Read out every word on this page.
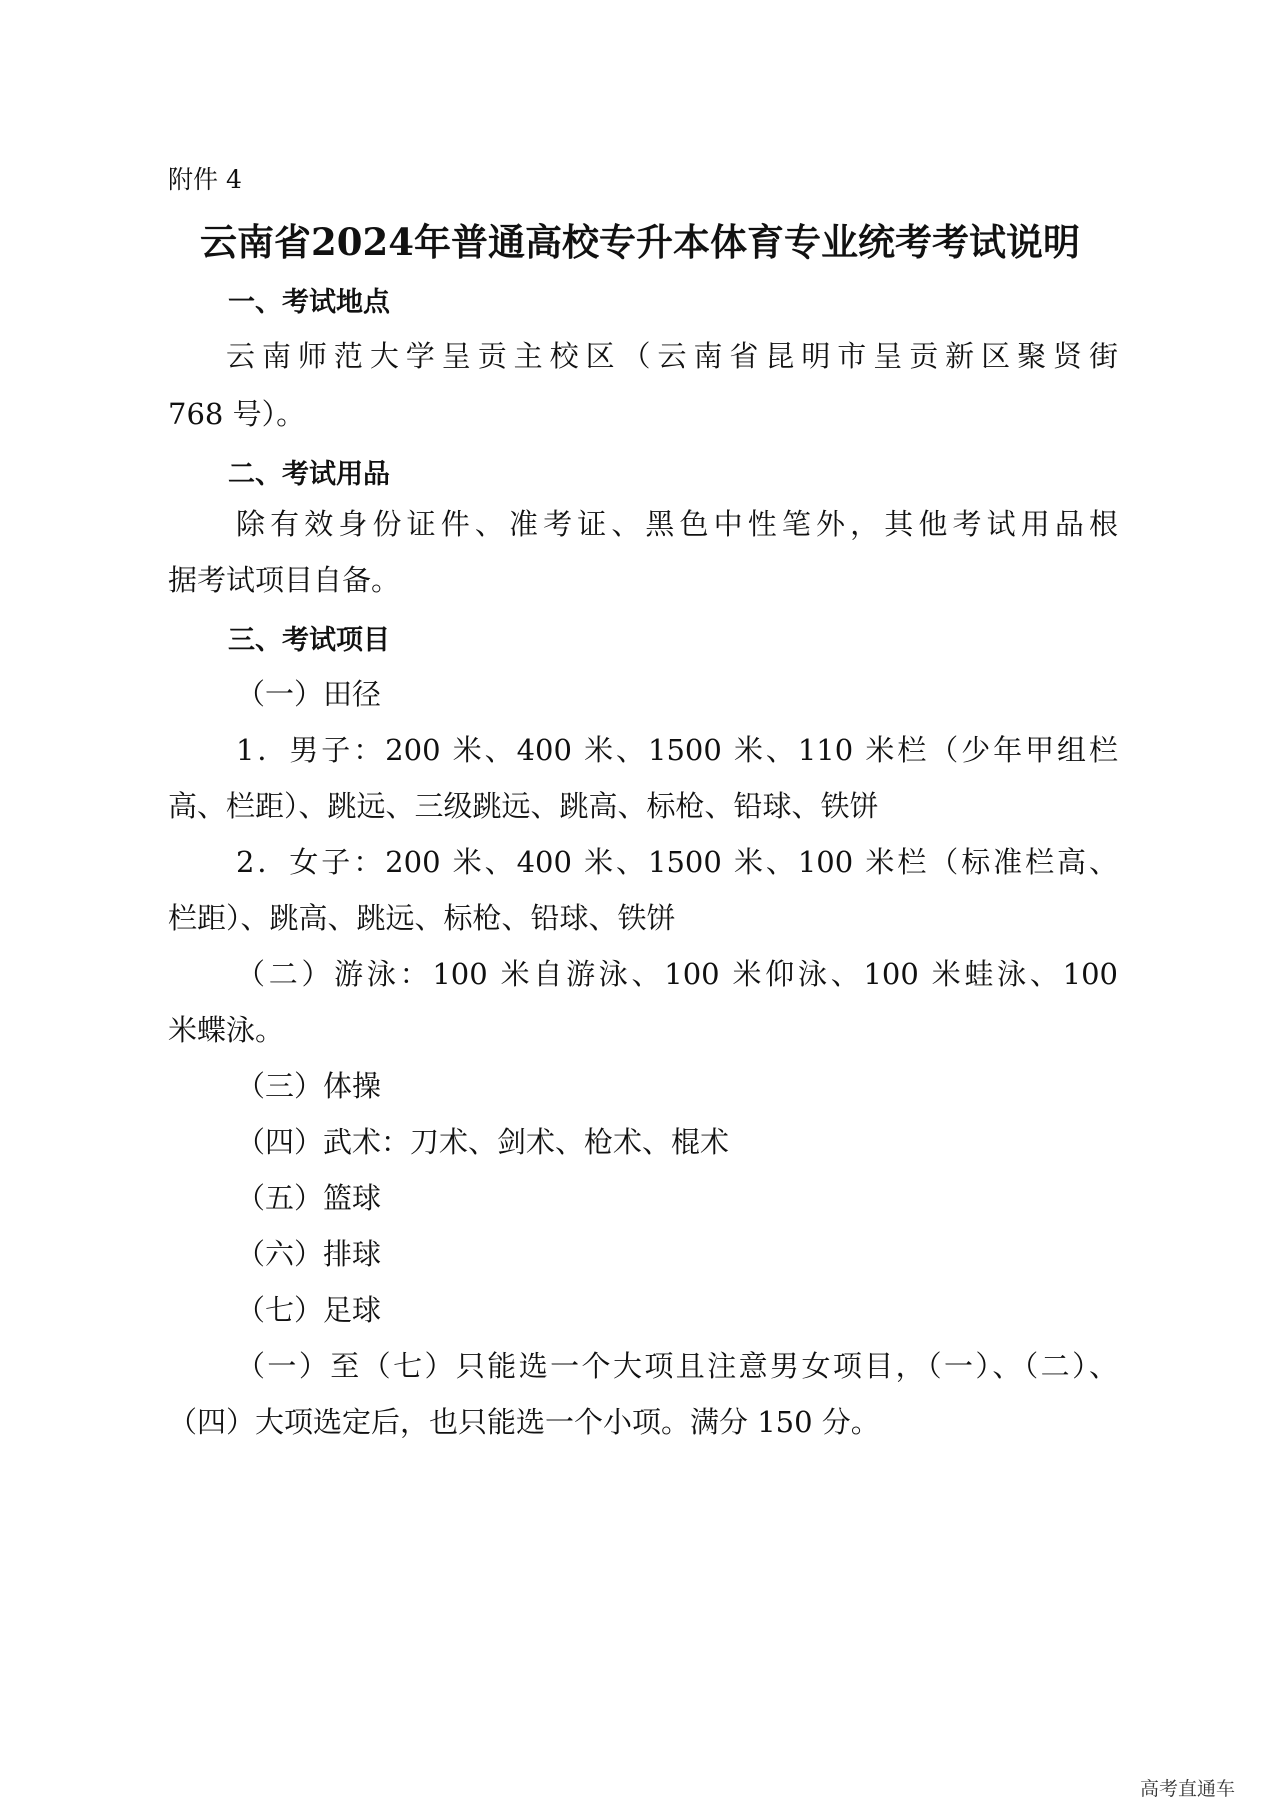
附件 4
云南省2024年普通高校专升本体育专业统考考试说明
一、考试地点
云南师范大学呈贡主校区（云南省昆明市呈贡新区聚贤街
768 号）。
二、考试用品
除有效身份证件、准考证、黑色中性笔外，其他考试用品根
据考试项目自备。
三、考试项目
（一）田径
1．男子：200 米、400 米、1500 米、110 米栏（少年甲组栏
高、栏距）、跳远、三级跳远、跳高、标枪、铅球、铁饼
2．女子：200 米、400 米、1500 米、100 米栏（标准栏高、
栏距）、跳高、跳远、标枪、铅球、铁饼
（二）游泳：100 米自游泳、100 米仰泳、100 米蛙泳、100
米蝶泳。
（三）体操
（四）武术：刀术、剑术、枪术、棍术
（五）篮球
（六）排球
（七）足球
（一）至（七）只能选一个大项且注意男女项目，（一）、（二）、
（四）大项选定后，也只能选一个小项。满分 150 分。
高考直通车
